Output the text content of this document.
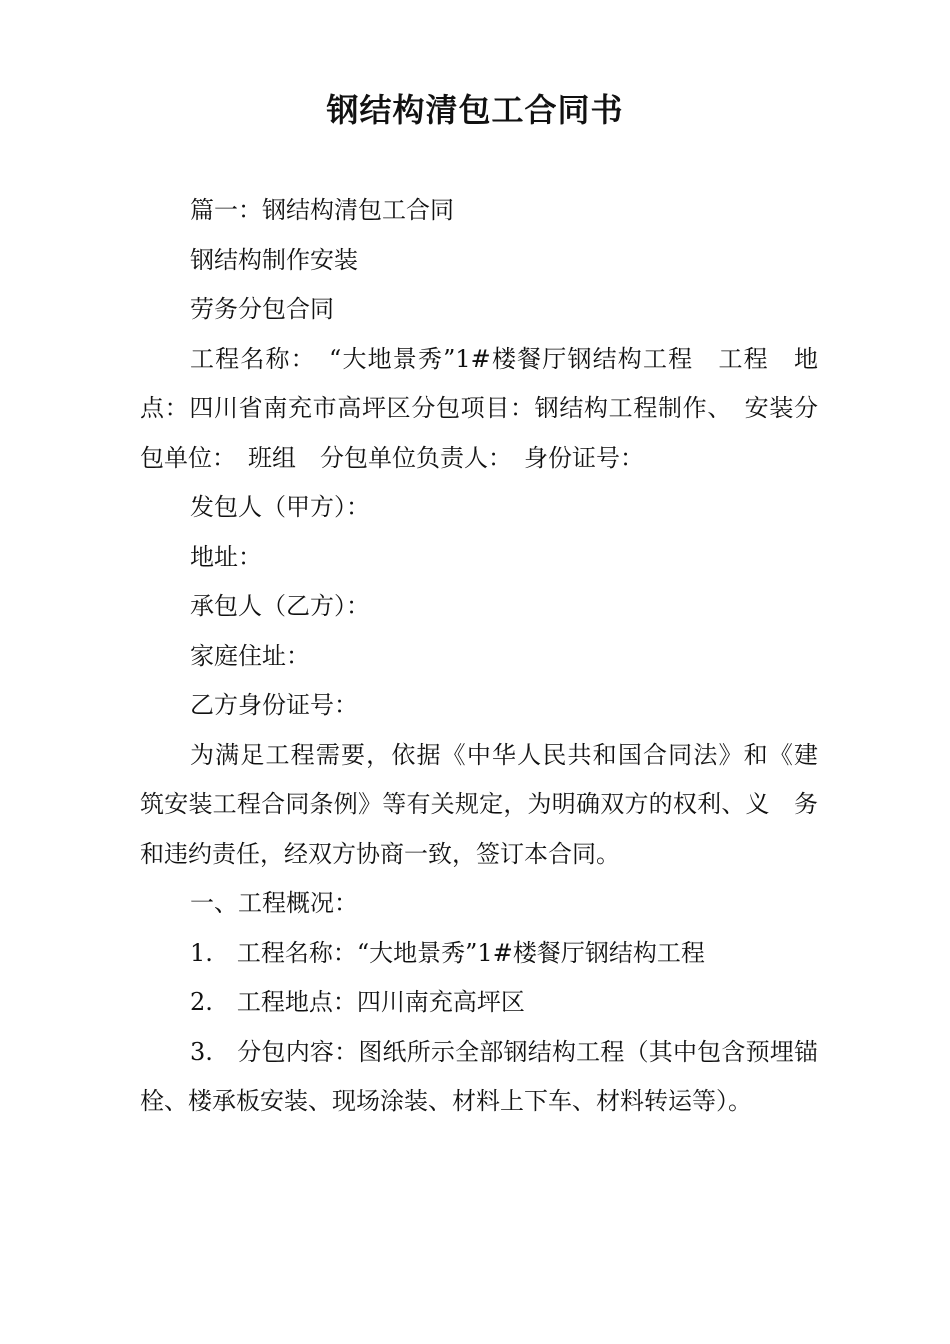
钢结构清包工合同书

篇一：钢结构清包工合同

钢结构制作安装

劳务分包合同

工程名称：　“大地景秀”1#楼餐厅钢结构工程　工程　地点：四川省南充市高坪区分包项目：钢结构工程制作、　安装分包单位：　班组　分包单位负责人：　身份证号：

发包人（甲方）：

地址：

承包人（乙方）：

家庭住址：

乙方身份证号：

为满足工程需要，依据《中华人民共和国合同法》和《建　筑安装工程合同条例》等有关规定，为明确双方的权利、义　务和违约责任，经双方协商一致，签订本合同。

一、工程概况：

1.　工程名称：“大地景秀”1#楼餐厅钢结构工程

2.　工程地点：四川南充高坪区

3.　分包内容：图纸所示全部钢结构工程（其中包含预埋锚栓、楼承板安装、现场涂装、材料上下车、材料转运等）。
